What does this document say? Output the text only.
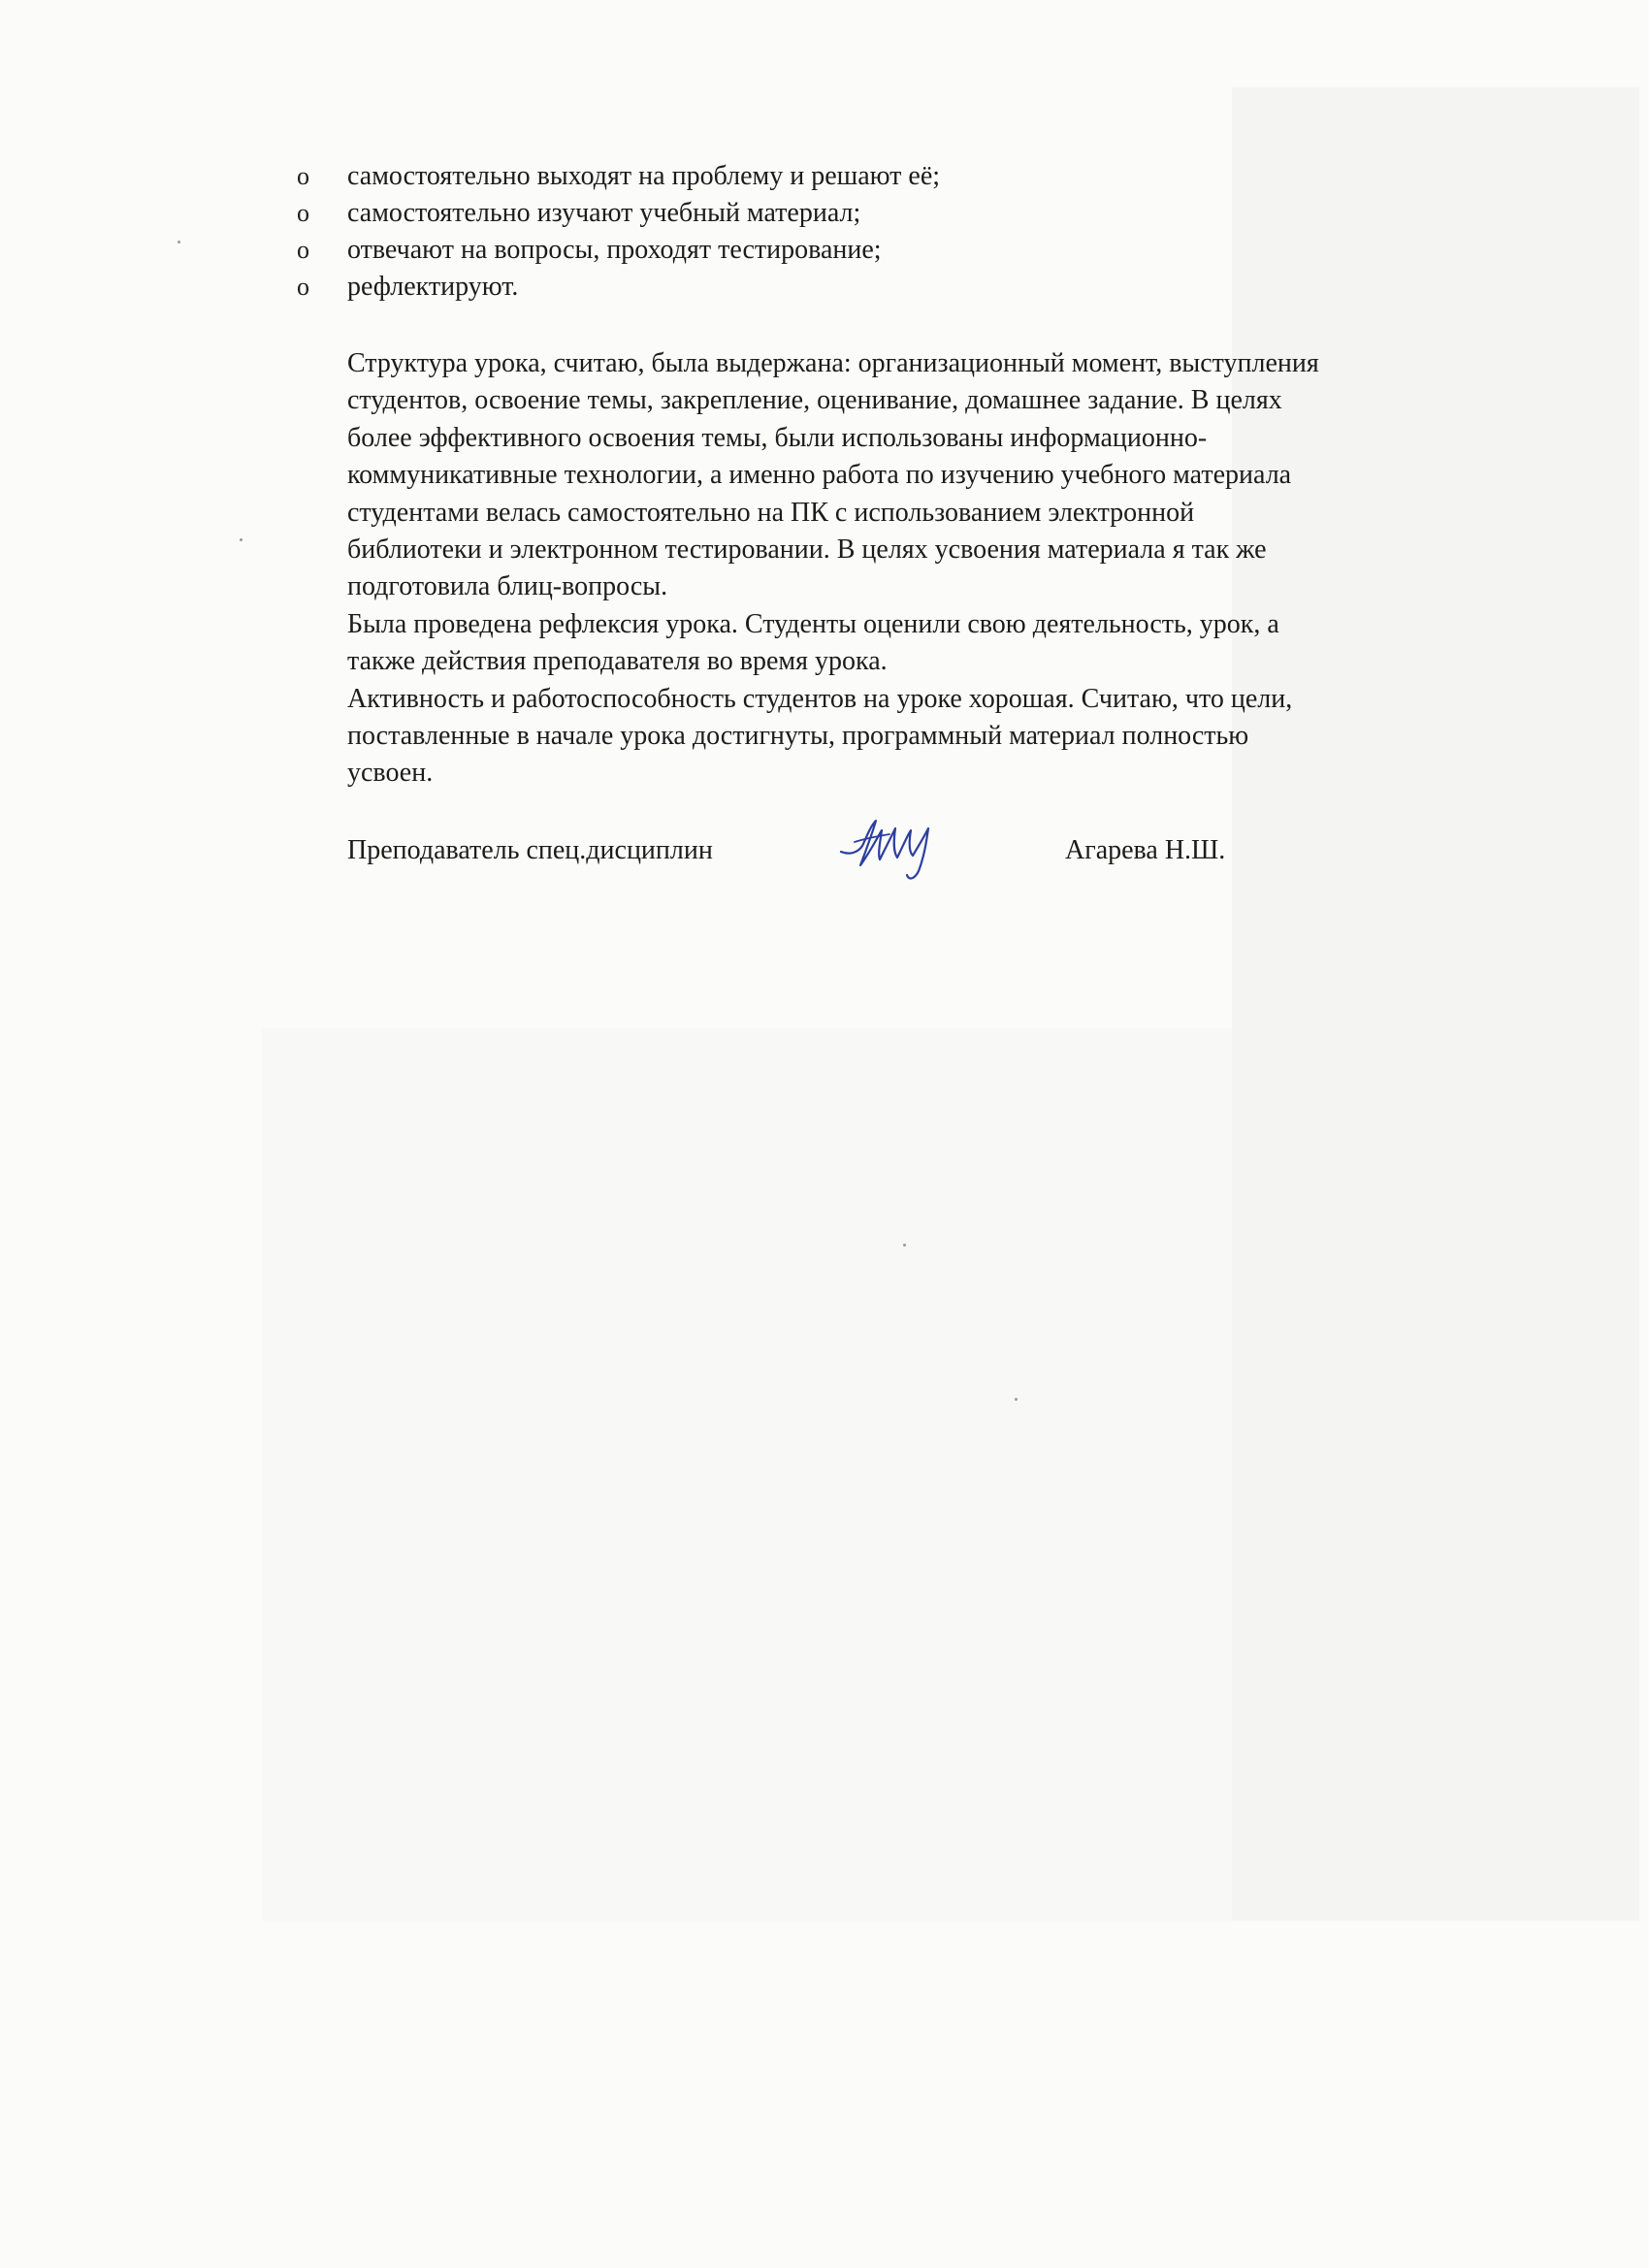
o	самостоятельно выходят на проблему и решают её;
o	самостоятельно изучают учебный материал;
o	отвечают на вопросы, проходят тестирование;
o	рефлектируют.

Структура урока, считаю, была выдержана: организационный момент, выступления
студентов, освоение темы, закрепление, оценивание, домашнее задание. В целях
более эффективного освоения темы, были использованы информационно-
коммуникативные технологии, а именно работа по изучению учебного материала
студентами велась самостоятельно на ПК с использованием электронной
библиотеки и электронном тестировании. В целях усвоения материала я так же
подготовила блиц-вопросы.

Была проведена рефлексия урока. Студенты оценили свою деятельность, урок, а
также действия преподавателя во время урока.

Активность и работоспособность студентов на уроке хорошая. Считаю, что цели,
поставленные в начале урока достигнуты, программный материал полностью
усвоен.

Преподаватель спец.дисциплин	Агарева Н.Ш.
